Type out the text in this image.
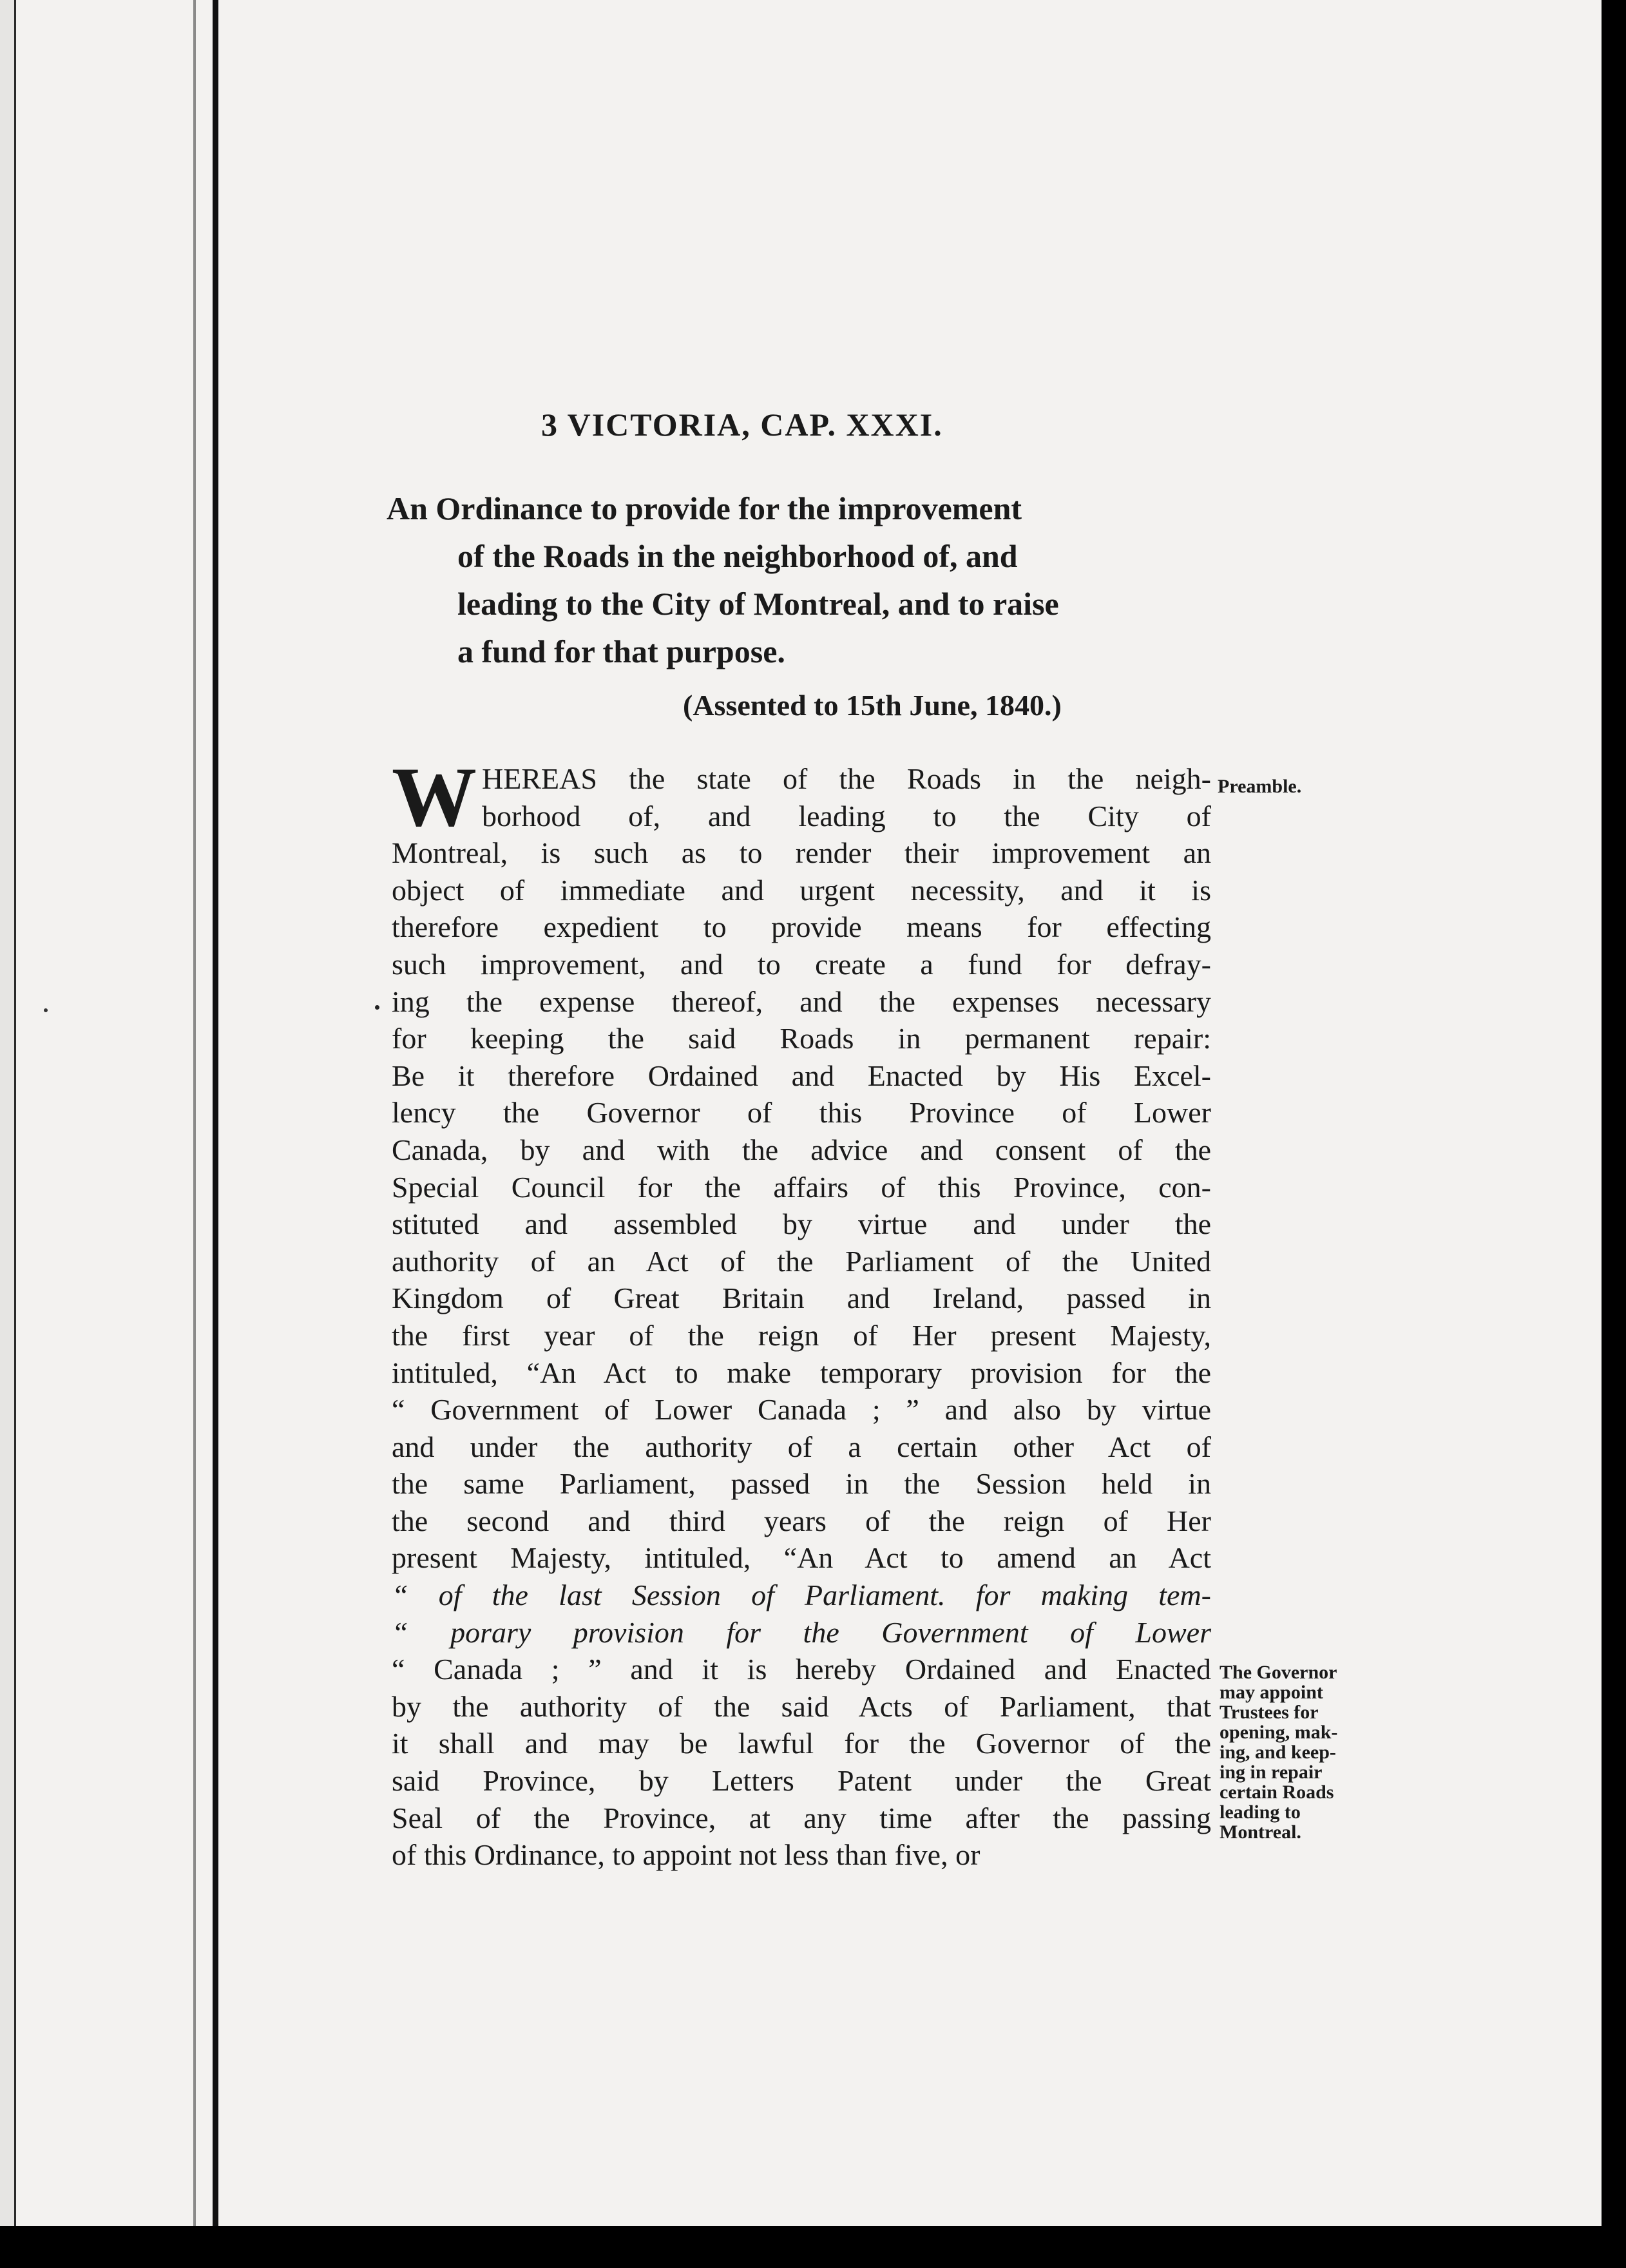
3 VICTORIA, CAP. XXXI.
An Ordinance to provide for the improvement
of the Roads in the neighborhood of, and
leading to the City of Montreal, and to raise
a fund for that purpose.
(Assented to 15th June, 1840.)
W HEREAS the state of the Roads in the neigh-
borhood of, and leading to the City of
Montreal, is such as to render their improvement an
object of immediate and urgent necessity, and it is
therefore expedient to provide means for effecting
such improvement, and to create a fund for defray-
ing the expense thereof, and the expenses necessary
for keeping the said Roads in permanent repair:
Be it therefore Ordained and Enacted by His Excel-
lency the Governor of this Province of Lower
Canada, by and with the advice and consent of the
Special Council for the affairs of this Province, con-
stituted and assembled by virtue and under the
authority of an Act of the Parliament of the United
Kingdom of Great Britain and Ireland, passed in
the first year of the reign of Her present Majesty,
intituled, “An Act to make temporary provision for the
“ Government of Lower Canada ; ” and also by virtue
and under the authority of a certain other Act of
the same Parliament, passed in the Session held in
the second and third years of the reign of Her
present Majesty, intituled, “An Act to amend an Act
“ of the last Session of Parliament. for making tem-
“ porary provision for the Government of Lower
“ Canada ; ” and it is hereby Ordained and Enacted
by the authority of the said Acts of Parliament, that
it shall and may be lawful for the Governor of the
said Province, by Letters Patent under the Great
Seal of the Province, at any time after the passing
of this Ordinance, to appoint not less than five, or
Preamble.
The Governor
may appoint
Trustees for
opening, mak-
ing, and keep-
ing in repair
certain Roads
leading to
Montreal.
